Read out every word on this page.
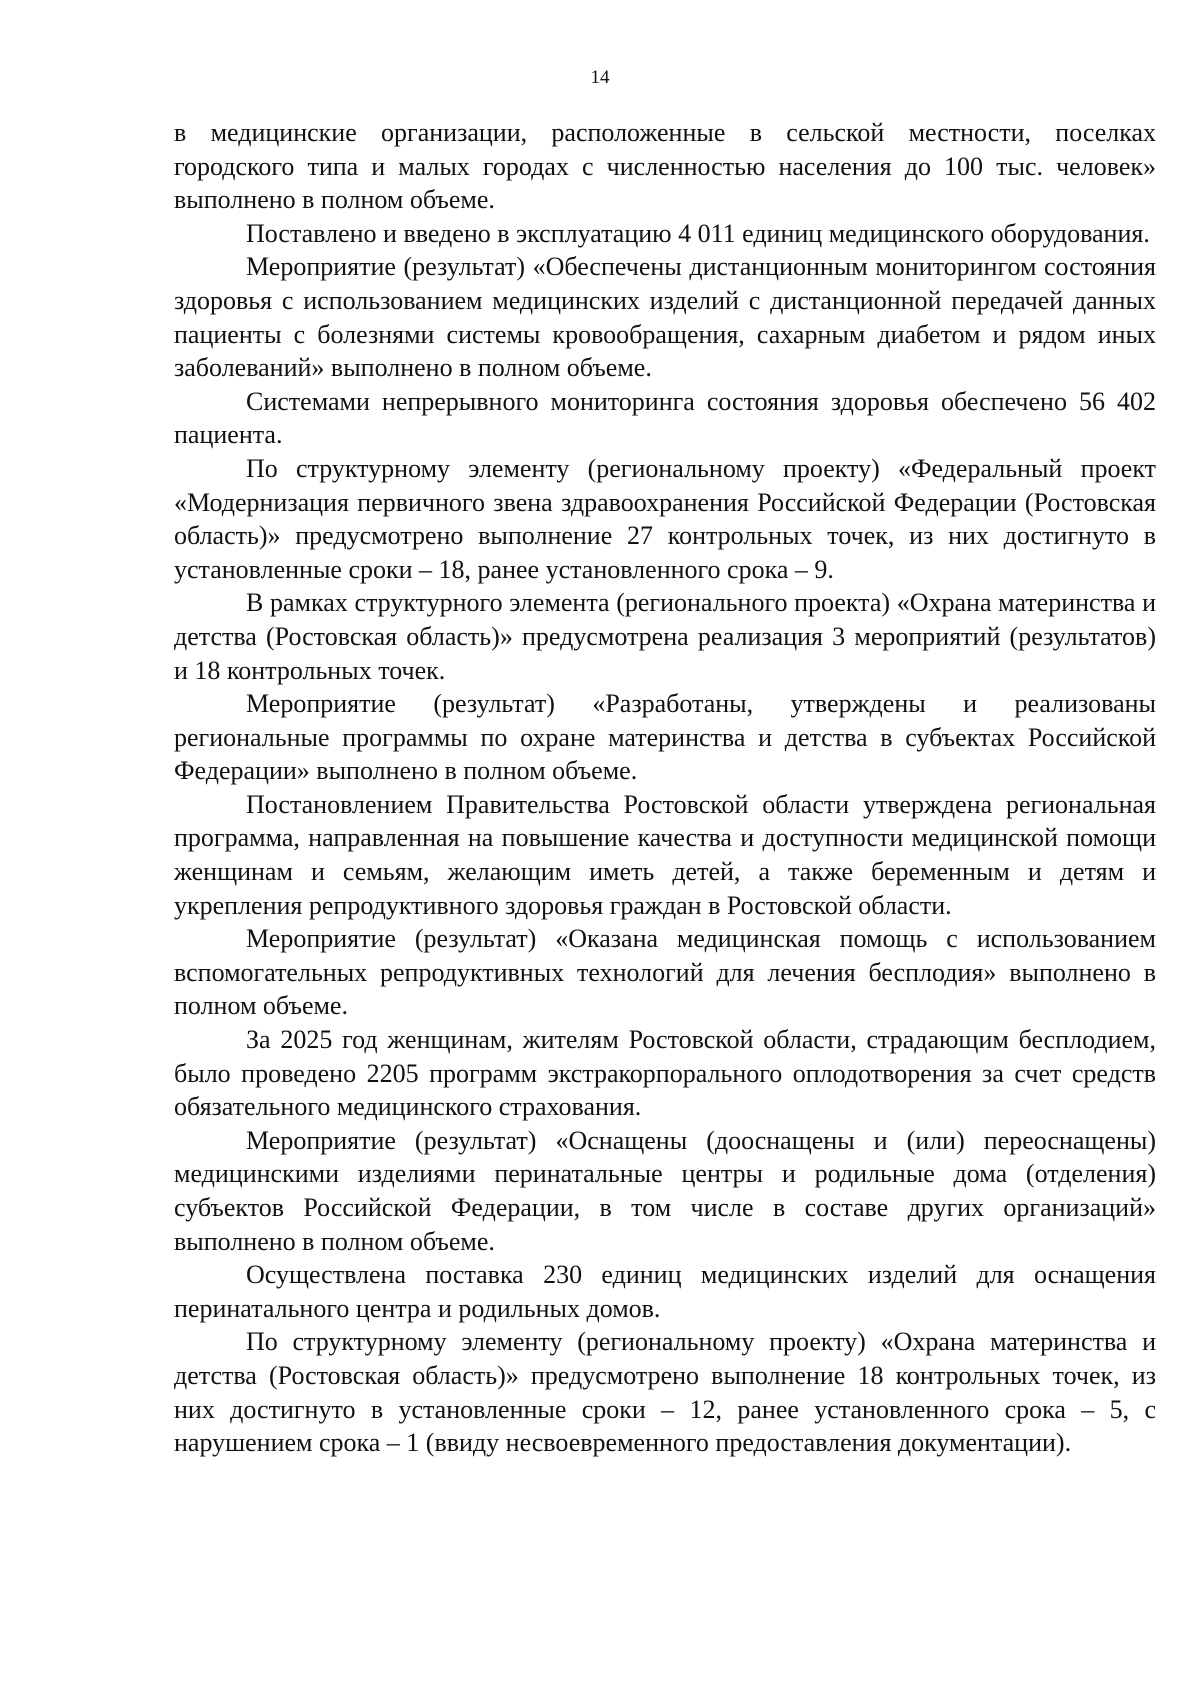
14

в медицинские организации, расположенные в сельской местности, поселках городского типа и малых городах с численностью населения до 100 тыс. человек» выполнено в полном объеме.

Поставлено и введено в эксплуатацию 4 011 единиц медицинского оборудования.

Мероприятие (результат) «Обеспечены дистанционным мониторингом состояния здоровья с использованием медицинских изделий с дистанционной передачей данных пациенты с болезнями системы кровообращения, сахарным диабетом и рядом иных заболеваний» выполнено в полном объеме.

Системами непрерывного мониторинга состояния здоровья обеспечено 56 402 пациента.

По структурному элементу (региональному проекту) «Федеральный проект «Модернизация первичного звена здравоохранения Российской Федерации (Ростовская область)» предусмотрено выполнение 27 контрольных точек, из них достигнуто в установленные сроки – 18, ранее установленного срока – 9.

В рамках структурного элемента (регионального проекта) «Охрана материнства и детства (Ростовская область)» предусмотрена реализация 3 мероприятий (результатов) и 18 контрольных точек.

Мероприятие (результат) «Разработаны, утверждены и реализованы региональные программы по охране материнства и детства в субъектах Российской Федерации» выполнено в полном объеме.

Постановлением Правительства Ростовской области утверждена региональная программа, направленная на повышение качества и доступности медицинской помощи женщинам и семьям, желающим иметь детей, а также беременным и детям и укрепления репродуктивного здоровья граждан в Ростовской области.

Мероприятие (результат) «Оказана медицинская помощь с использованием вспомогательных репродуктивных технологий для лечения бесплодия» выполнено в полном объеме.

За 2025 год женщинам, жителям Ростовской области, страдающим бесплодием, было проведено 2205 программ экстракорпорального оплодотворения за счет средств обязательного медицинского страхования.

Мероприятие (результат) «Оснащены (дооснащены и (или) переоснащены) медицинскими изделиями перинатальные центры и родильные дома (отделения) субъектов Российской Федерации, в том числе в составе других организаций» выполнено в полном объеме.

Осуществлена поставка 230 единиц медицинских изделий для оснащения перинатального центра и родильных домов.

По структурному элементу (региональному проекту) «Охрана материнства и детства (Ростовская область)» предусмотрено выполнение 18 контрольных точек, из них достигнуто в установленные сроки – 12, ранее установленного срока – 5, с нарушением срока – 1 (ввиду несвоевременного предоставления документации).
